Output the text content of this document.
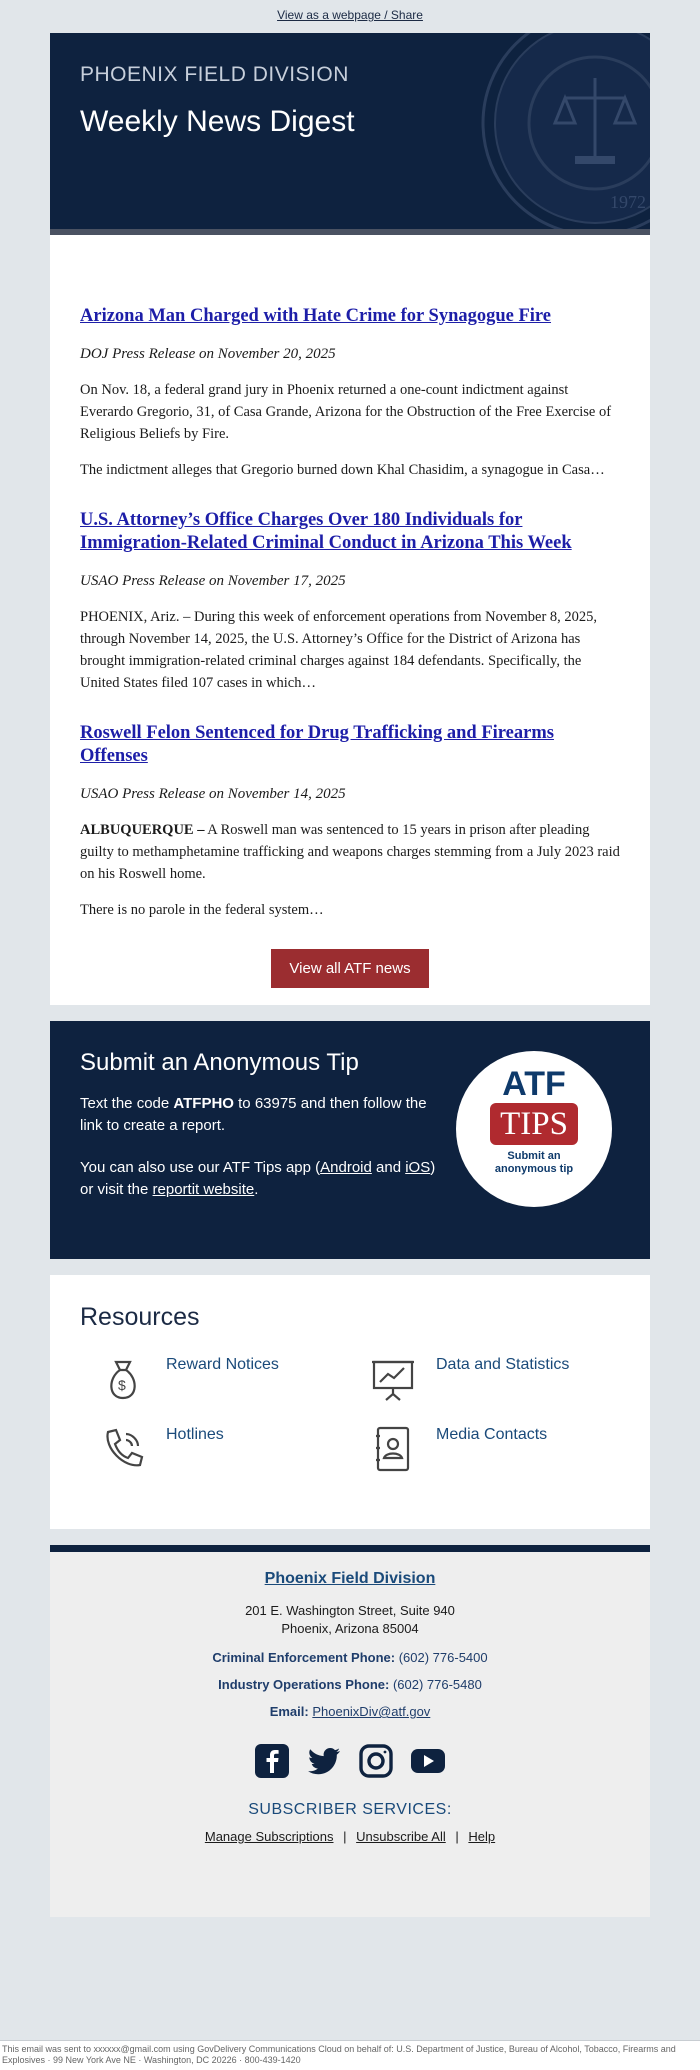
View as a webpage / Share
1972
PHOENIX FIELD DIVISION
Weekly News Digest
Arizona Man Charged with Hate Crime for Synagogue Fire
DOJ Press Release on November 20, 2025

On Nov. 18, a federal grand jury in Phoenix returned a one-count indictment against Everardo Gregorio, 31, of Casa Grande, Arizona for the Obstruction of the Free Exercise of Religious Beliefs by Fire.

The indictment alleges that Gregorio burned down Khal Chasidim, a synagogue in Casa…

U.S. Attorney’s Office Charges Over 180 Individuals for Immigration-Related Criminal Conduct in Arizona This Week
USAO Press Release on November 17, 2025

PHOENIX, Ariz. – During this week of enforcement operations from November 8, 2025, through November 14, 2025, the U.S. Attorney’s Office for the District of Arizona has brought immigration-related criminal charges against 184 defendants. Specifically, the United States filed 107 cases in which…

Roswell Felon Sentenced for Drug Trafficking and Firearms Offenses
USAO Press Release on November 14, 2025

ALBUQUERQUE – A Roswell man was sentenced to 15 years in prison after pleading guilty to methamphetamine trafficking and weapons charges stemming from a July 2023 raid on his Roswell home.

There is no parole in the federal system…

View all ATF news
Submit an Anonymous Tip

Text the code ATFPHO to 63975 and then follow the link to create a report.

You can also use our ATF Tips app (Android and iOS) or visit the reportit website.

ATF
TIPS
Submit an
anonymous tip
Resources
$
Reward Notices	Data and Statistics
Hotlines	Media Contacts
Phoenix Field Division
201 E. Washington Street, Suite 940
Phoenix, Arizona 85004
Criminal Enforcement Phone: (602) 776-5400
Industry Operations Phone: (602) 776-5480
Email: PhoenixDiv@atf.gov
SUBSCRIBER SERVICES:
Manage Subscriptions | Unsubscribe All | Help
This email was sent to xxxxxx@gmail.com using GovDelivery Communications Cloud on behalf of: U.S. Department of Justice, Bureau of Alcohol, Tobacco, Firearms and Explosives · 99 New York Ave NE · Washington, DC 20226 · 800-439-1420
